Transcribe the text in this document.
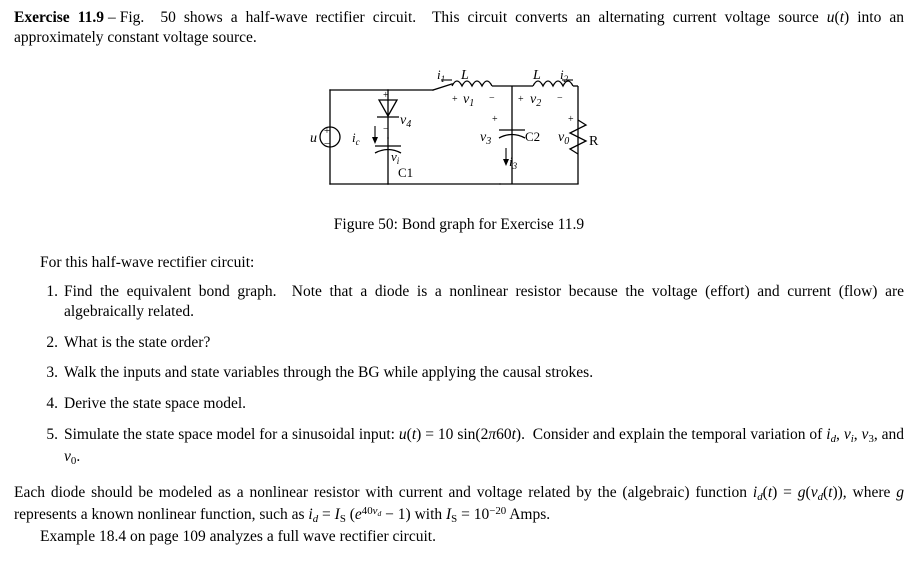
Exercise 11.9 – Fig.  50 shows a half-wave rectifier circuit.  This circuit converts an alternating current voltage source u(t) into an approximately constant voltage source.
+
−
u	$i_c$
C1
$v_i$
$v_4$
+
−
$i_1$ L
+ $v_1$ −
L $i_2$
+ $v_2$ −
+
$v_3$	C2
$i_3$
+
$v_0$ R
Figure 50: Bond graph for Exercise 11.9
For this half-wave rectifier circuit:
1. Find the equivalent bond graph.  Note that a diode is a nonlinear resistor because the voltage (effort) and current (flow) are algebraically related.
2. What is the state order?
3. Walk the inputs and state variables through the BG while applying the causal strokes.
4. Derive the state space model.
5. Simulate the state space model for a sinusoidal input: u(t) = 10 sin(2π60t).  Consider and explain the temporal variation of $i_d$, $v_i$, $v_3$, and $v_0$.
Each diode should be modeled as a nonlinear resistor with current and voltage related by the (algebraic) function $i_d(t) = g(v_d(t))$, where g represents a known nonlinear function, such as $i_d = I_S$ $(e^{40v_d} - 1)$ with $I_S = 10^{-20}$ Amps.
Example 18.4 on page 109 analyzes a full wave rectifier circuit.
